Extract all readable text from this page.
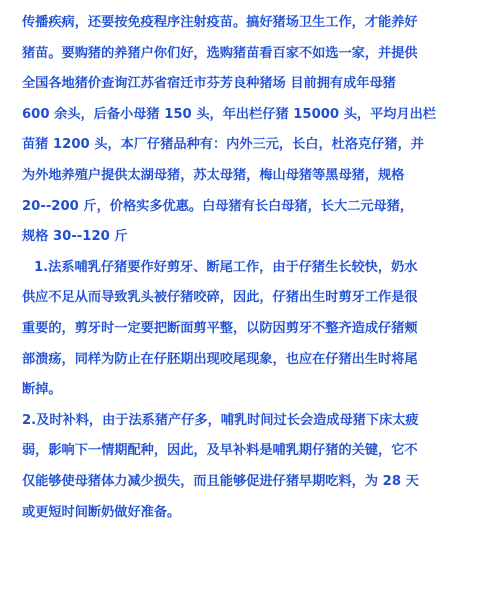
传播疾病，还要按免疫程序注射疫苗。搞好猪场卫生工作，才能养好
猪苗。要购猪的养猪户你们好，选购猪苗看百家不如选一家，并提供
全国各地猪价查询江苏省宿迁市芬芳良种猪场 目前拥有成年母猪
600 余头，后备小母猪 150 头，年出栏仔猪 15000 头，平均月出栏
苗猪 1200 头，本厂仔猪品种有：内外三元，长白，杜洛克仔猪，并
为外地养殖户提供太湖母猪，苏太母猪，梅山母猪等黑母猪，规格
20--200 斤，价格实多优惠。白母猪有长白母猪，长大二元母猪，
规格 30--120 斤
1.法系哺乳仔猪要作好剪牙、断尾工作，由于仔猪生长较快，奶水
供应不足从而导致乳头被仔猪咬碎，因此，仔猪出生时剪牙工作是很
重要的，剪牙时一定要把断面剪平整，以防因剪牙不整齐造成仔猪颊
部溃疡，同样为防止在仔胚期出现咬尾现象，也应在仔猪出生时将尾
断掉。
2.及时补料，由于法系猪产仔多，哺乳时间过长会造成母猪下床太疲
弱，影响下一情期配种，因此，及早补料是哺乳期仔猪的关键，它不
仅能够使母猪体力减少损失，而且能够促进仔猪早期吃料，为 28 天
或更短时间断奶做好准备。
